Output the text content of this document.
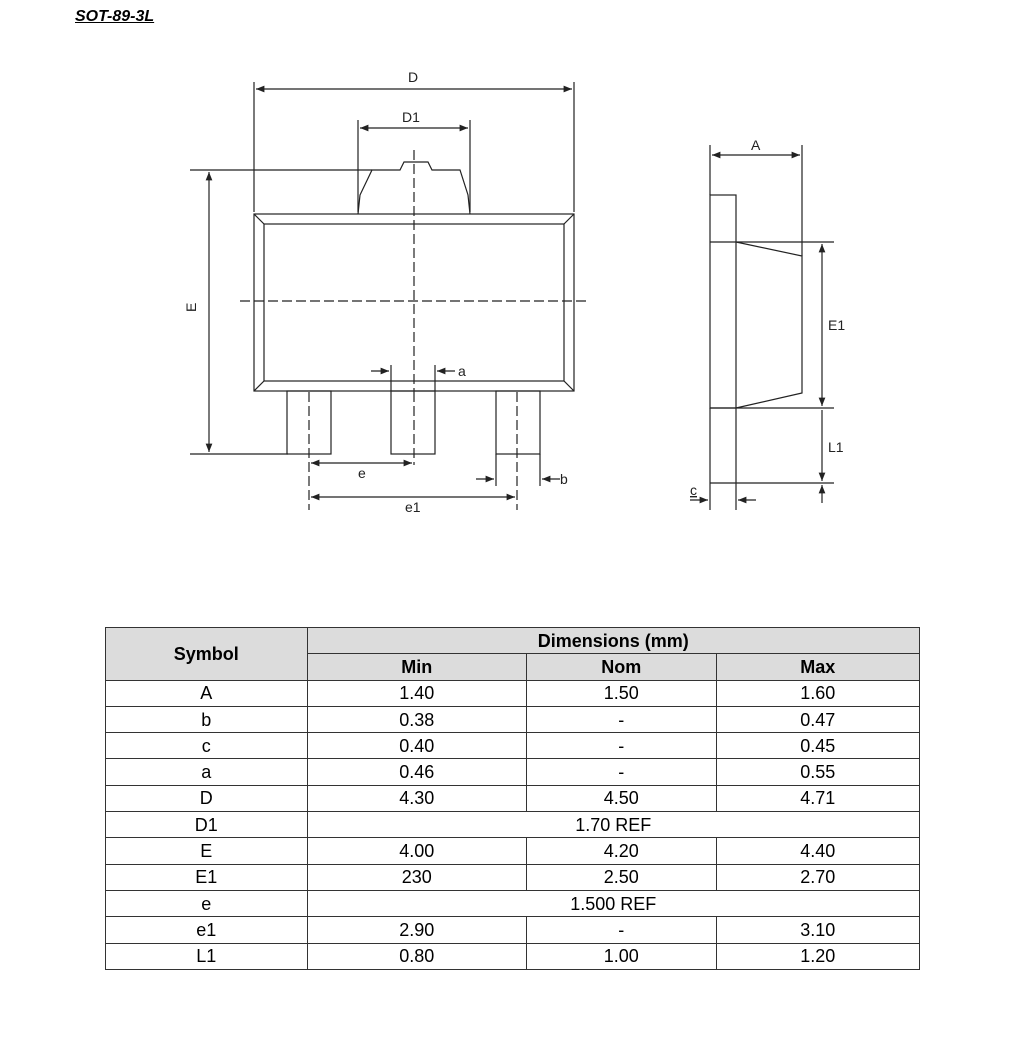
SOT-89-3L
D
D1
E
a
e
e1
b
A
E1
L1
c
Symbol	Dimensions (mm)		
	Min	Nom	Max
A	1.40	1.50	1.60
b	0.38	-	0.47
c	0.40	-	0.45
a	0.46	-	0.55
D	4.30	4.50	4.71
D1	1.70 REF		
E	4.00	4.20	4.40
E1	230	2.50	2.70
e	1.500 REF		
e1	2.90	-	3.10
L1	0.80	1.00	1.20
